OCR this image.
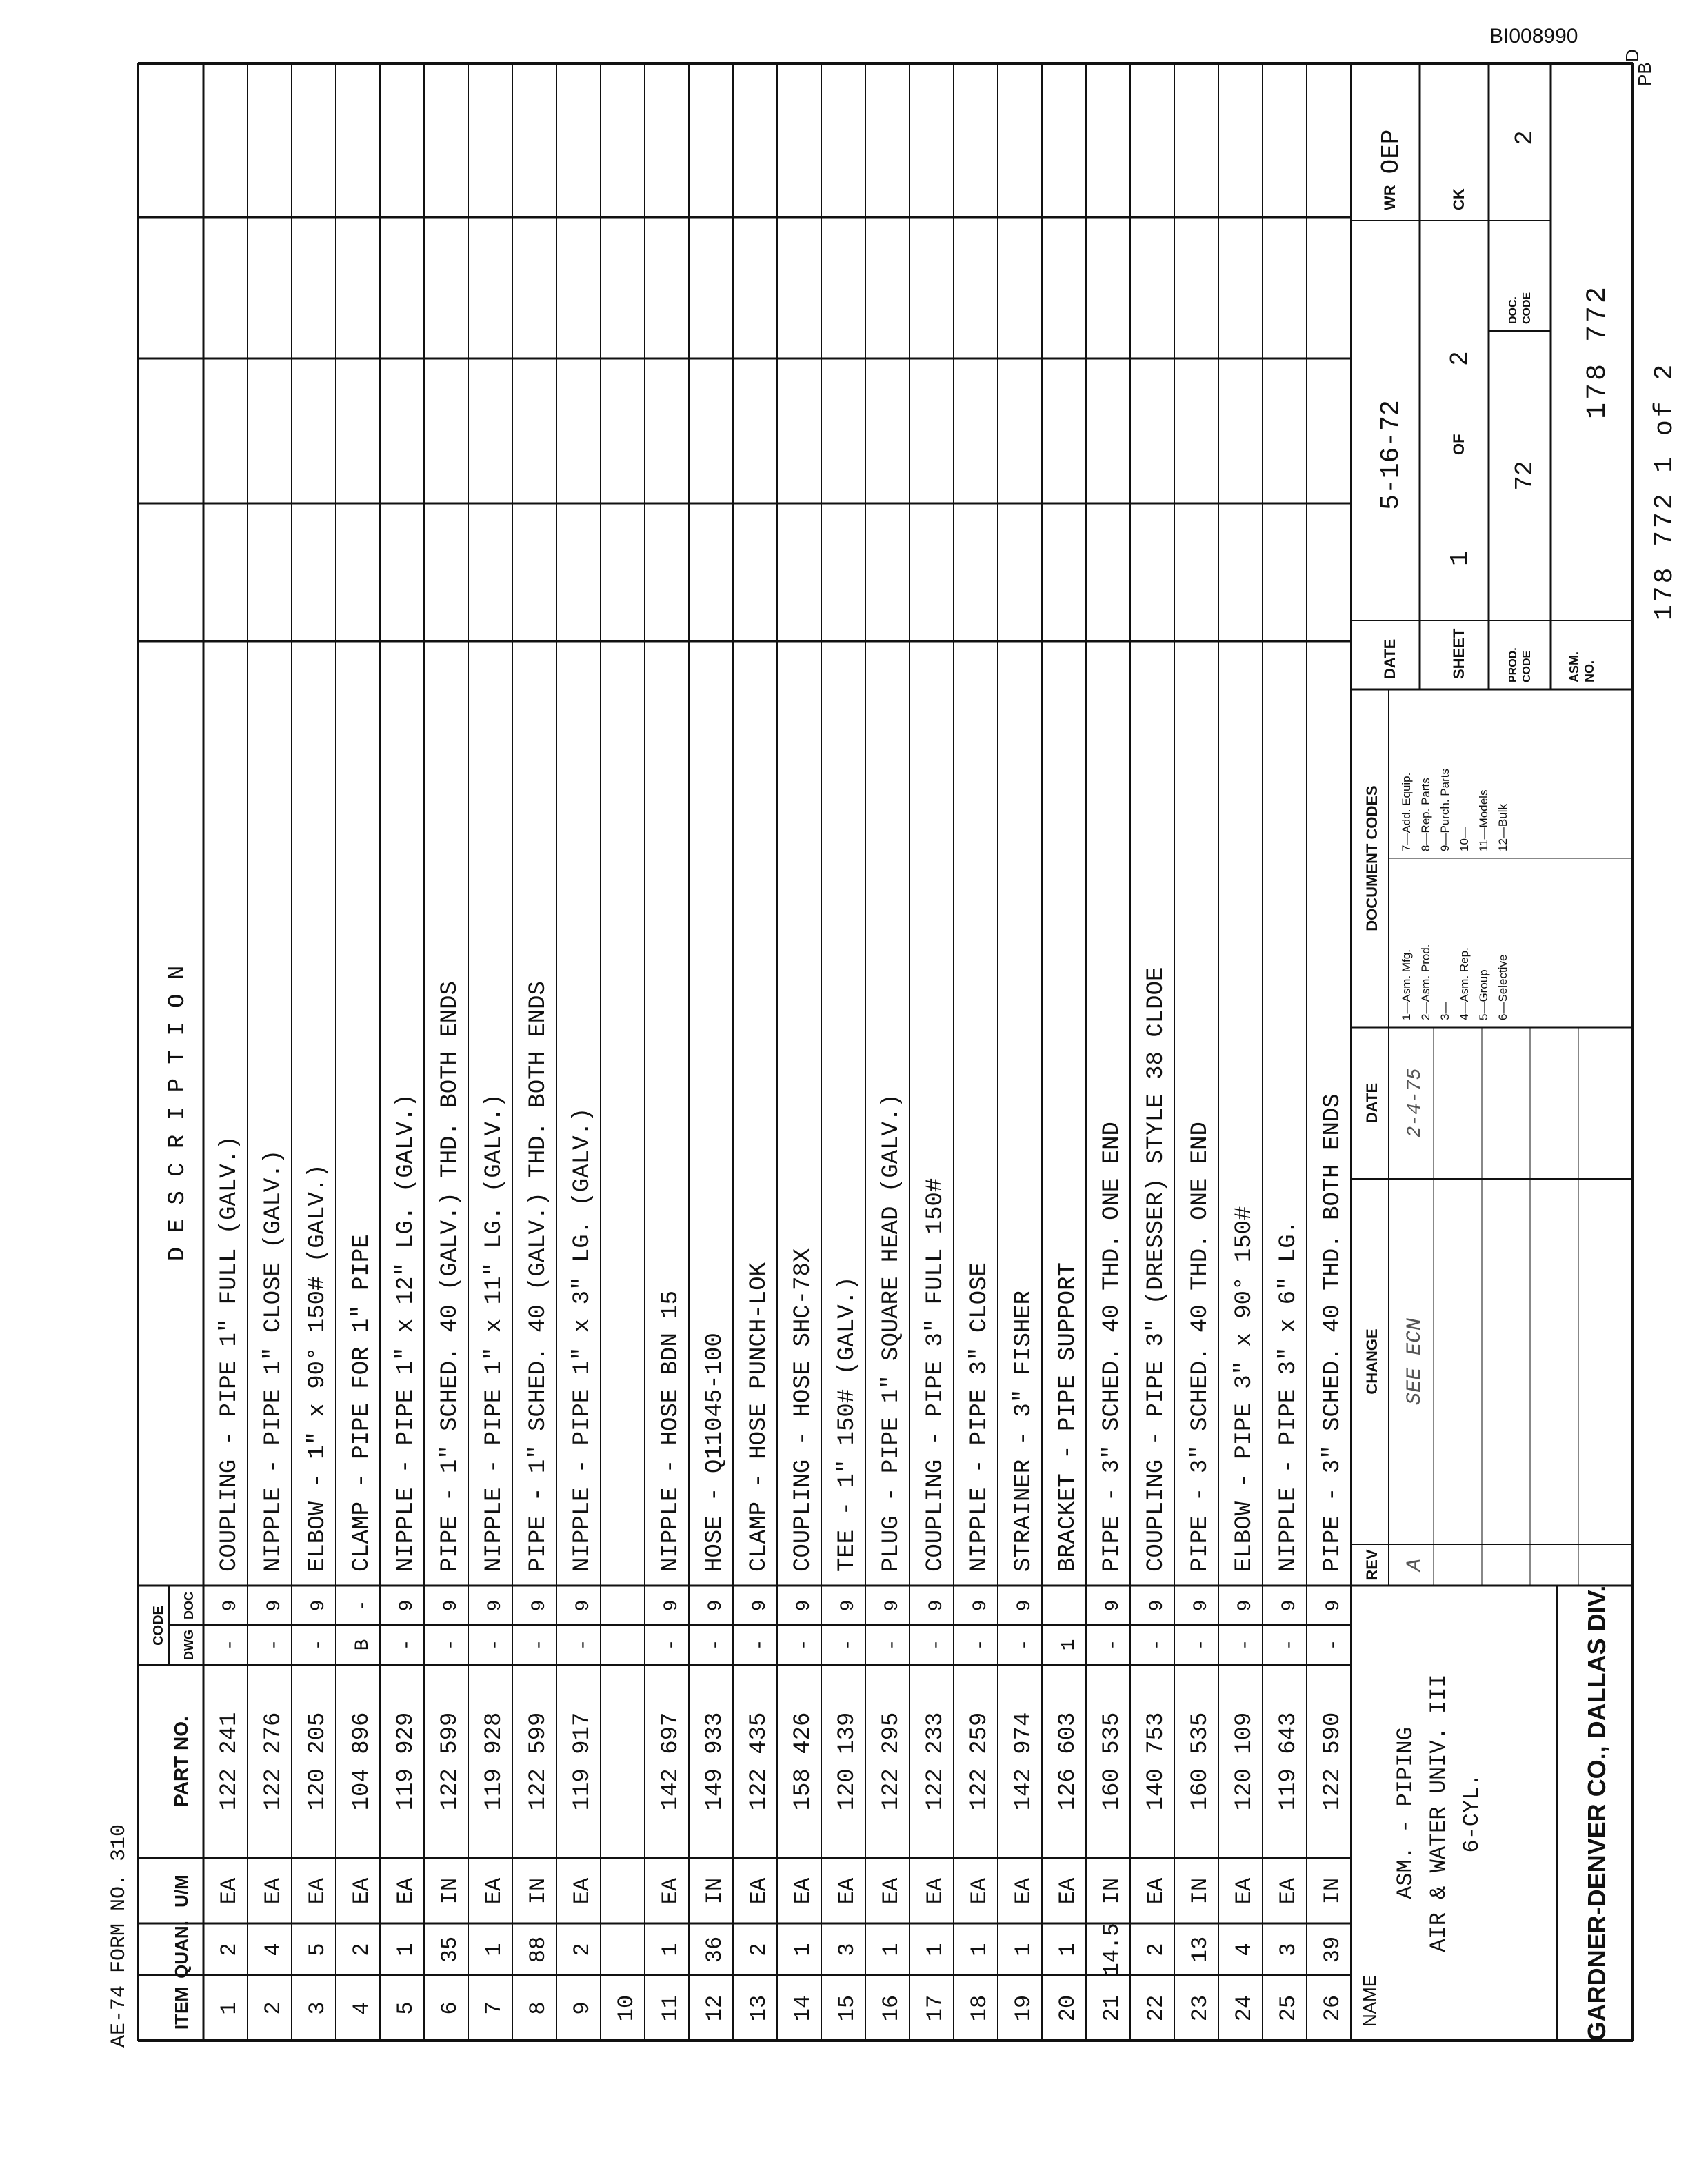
BI008990
ITEM
QUAN.
U/M
PART NO.
CODE DWG
DOC
D E S C R I P T I O N
1
2
EA
122 241
-
9
COUPLING - PIPE 1" FULL (GALV.)
2
4
EA
122 276
-
9
NIPPLE - PIPE 1" CLOSE (GALV.)
3
5
EA
120 205
-
9
ELBOW - 1" x 90° 150# (GALV.)
4
2
EA
104 896
B
-
CLAMP - PIPE FOR 1" PIPE
5
1
EA
119 929
-
9
NIPPLE - PIPE 1" x 12" LG. (GALV.)
6
35
IN
122 599
-
9
PIPE - 1" SCHED. 40 (GALV.) THD. BOTH ENDS
7
1
EA
119 928
-
9
NIPPLE - PIPE 1" x 11" LG. (GALV.)
8
88
IN
122 599
-
9
PIPE - 1" SCHED. 40 (GALV.) THD. BOTH ENDS
9
2
EA
119 917
-
9
NIPPLE - PIPE 1" x 3" LG. (GALV.)
10 11
1
EA
142 697
-
9
NIPPLE - HOSE BDN 15
12
36
IN
149 933
-
9
HOSE - Q11045-100
13
2
EA
122 435
-
9
CLAMP - HOSE PUNCH-LOK
14
1
EA
158 426
-
9
COUPLING - HOSE SHC-78X
15
3
EA
120 139
-
9
TEE - 1" 150# (GALV.)
16
1
EA
122 295
-
9
PLUG - PIPE 1" SQUARE HEAD (GALV.)
17
1
EA
122 233
-
9
COUPLING - PIPE 3" FULL 150#
18
1
EA
122 259
-
9
NIPPLE - PIPE 3" CLOSE
19
1
EA
142 974
-
9
STRAINER - 3" FISHER
20
1
EA
126 603
1
BRACKET - PIPE SUPPORT
21
14.5
IN
160 535
-
9
PIPE - 3" SCHED. 40 THD. ONE END
22
2
EA
140 753
-
9
COUPLING - PIPE 3" (DRESSER) STYLE 38 CLDOE
23
13
IN
160 535
-
9
PIPE - 3" SCHED. 40 THD. ONE END
24
4
EA
120 109
-
9
ELBOW - PIPE 3" x 90° 150#
25
3
EA
119 643
-
9
NIPPLE - PIPE 3" x 6" LG.
26
39
IN
122 590
-
9
PIPE - 3" SCHED. 40 THD. BOTH ENDS
NAME
ASM. - PIPING AIR & WATER UNIV. III 6-CYL.	GARDNER-DENVER CO., DALLAS DIV.
REV
CHANGE
DATE
A
SEE ECN
2-4-75
DOCUMENT CODES
1—Asm. Mfg. 2—Asm. Prod. 3— 4—Asm. Rep. 5—Group 6—Selective
7—Add. Equip. 8—Rep. Parts 9—Purch. Parts 10— 11—Models 12—Bulk
DATE
5-16-72
WR
OEP
SHEET
1
OF
2
CK
PROD. CODE
72
DOC. CODE
2
ASM. NO.
178 772
178 772 1 of 2
PB
D
AE-74 FORM NO. 310
